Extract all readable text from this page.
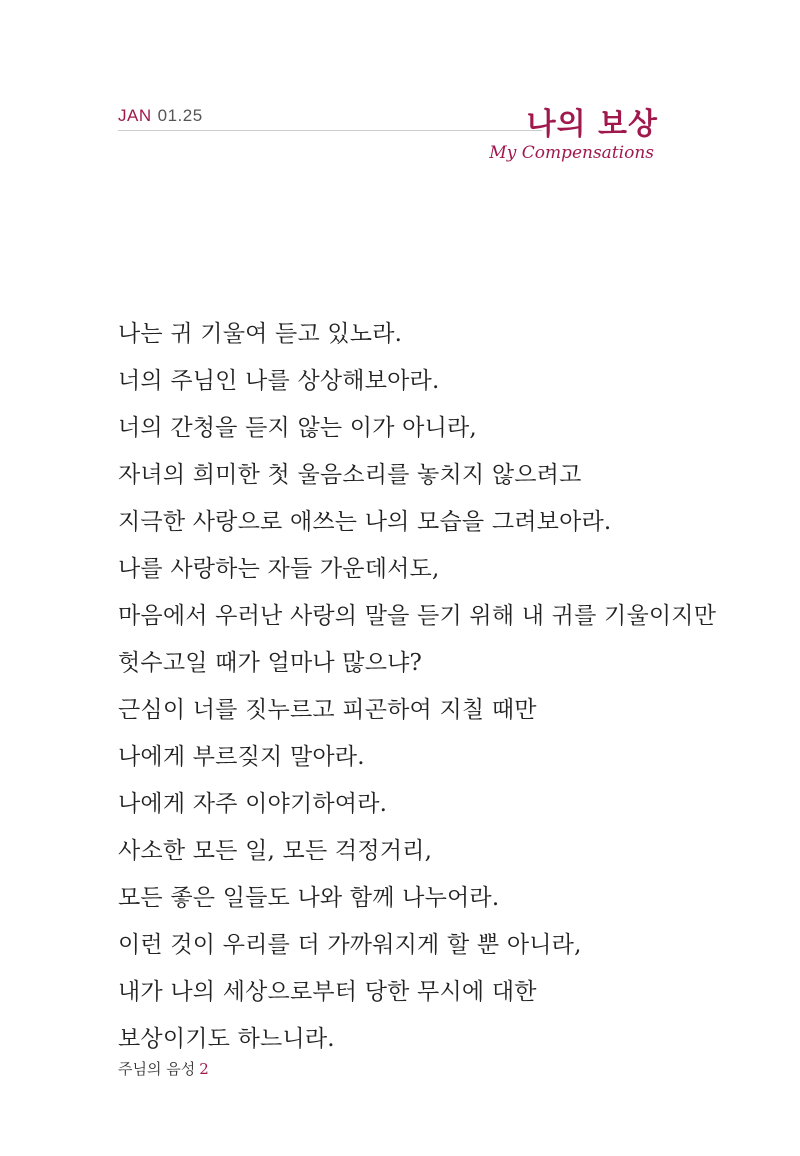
JAN 01.25	나의 보상
My Compensations
나는 귀 기울여 듣고 있노라.
너의 주님인 나를 상상해보아라.
너의 간청을 듣지 않는 이가 아니라,
자녀의 희미한 첫 울음소리를 놓치지 않으려고
지극한 사랑으로 애쓰는 나의 모습을 그려보아라.
나를 사랑하는 자들 가운데서도,
마음에서 우러난 사랑의 말을 듣기 위해 내 귀를 기울이지만
헛수고일 때가 얼마나 많으냐?
근심이 너를 짓누르고 피곤하여 지칠 때만
나에게 부르짖지 말아라.
나에게 자주 이야기하여라.
사소한 모든 일, 모든 걱정거리,
모든 좋은 일들도 나와 함께 나누어라.
이런 것이 우리를 더 가까워지게 할 뿐 아니라,
내가 나의 세상으로부터 당한 무시에 대한
보상이기도 하느니라.
주님의 음성 2
